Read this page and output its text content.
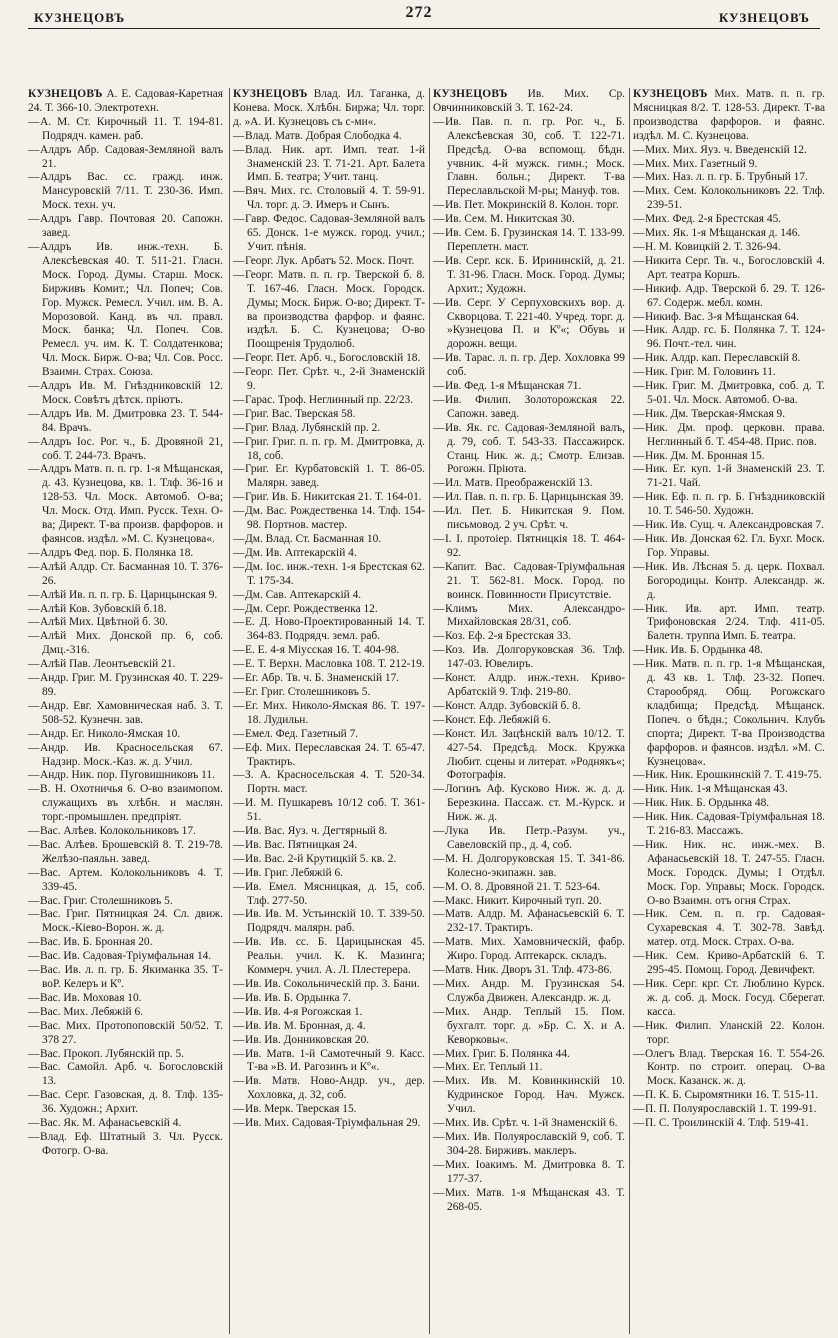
КУЗНЕЦОВЪ	272	КУЗНЕЦОВЪ

КУЗНЕЦОВЪ А. Е. Садовая-Каретная 24. Т. 366-10. Электротехн.

—А. М. Ст. Кирочный 11. Т. 194-81. Подрядч. камен. раб.

—Алдръ Абр. Садовая-Земляной валъ 21.

—Алдръ Вас. сс. гражд. инж. Мансуровскій 7/11. Т. 230-36. Имп. Моск. техн. уч.

—Алдръ Гавр. Почтовая 20. Сапожн. завед.

—Алдръ Ив. инж.-техн. Б. Алексѣевская 40. Т. 511-21. Гласн. Моск. Город. Думы. Старш. Моск. Бирживъ Комит.; Чл. Попеч; Сов. Гор. Мужск. Ремесл. Учил. им. В. А. Морозовой. Канд. въ чл. правл. Моск. банка; Чл. Попеч. Сов. Ремесл. уч. им. К. Т. Солдатенкова; Чл. Моск. Бирж. О-ва; Чл. Сов. Росс. Взаимн. Страх. Союза.

—Алдръ Ив. М. Гнѣздниковскій 12. Моск. Совѣтъ дѣтск. пріютъ.

—Алдръ Ив. М. Дмитровка 23. Т. 544-84. Врачъ.

—Алдръ Іос. Рог. ч., Б. Дровяной 21, соб. Т. 244-73. Врачъ.

—Алдръ Матв. п. п. гр. 1-я Мѣщанская, д. 43. Кузнецова, кв. 1. Тлф. 36-16 и 128-53. Чл. Моск. Автомоб. О-ва; Чл. Моск. Отд. Имп. Русск. Техн. О-ва; Директ. Т-ва произв. фарфоров. и фаянсов. издѣл. »М. С. Кузнецова«.

—Алдръ Фед. пор. Б. Полянка 18.

—Алѣй Алдр. Ст. Басманная 10. Т. 376-26.

—Алѣй Ив. п. п. гр. Б. Царицынская 9.

—Алѣй Ков. Зубовскій б.18.

—Алѣй Мих. Цвѣтной б. 30.

—Алѣй Мих. Донской пр. 6, соб. Дмц.-316.

—Алѣй Пав. Леонтьевскій 21.

—Андр. Григ. М. Грузинская 40. Т. 229-89.

—Андр. Евг. Хамовническая наб. 3. Т. 508-52. Кузнечн. зав.

—Андр. Ег. Николо-Ямская 10.

—Андр. Ив. Красносельская 67. Надзир. Моск.-Каз. ж. д. Учил.

—Андр. Ник. пор. Пуговишниковъ 11.

—В. Н. Охотничья 6. О-во взаимопом. служащихъ въ хлѣбн. и маслян. торг.-промышлен. предпріят.

—Вас. Алѣев. Колокольниковъ 17.

—Вас. Алѣев. Брошевскій 8. Т. 219-78. Желѣзо-паяльн. завед.

—Вас. Артем. Колокольниковъ 4. Т. 339-45.

—Вас. Григ. Столешниковъ 5.

—Вас. Григ. Пятницкая 24. Сл. движ. Моск.-Кіево-Ворон. ж. д.

—Вас. Ив. Б. Бронная 20.

—Вас. Ив. Садовая-Тріумфальная 14.

—Вас. Ив. л. п. гр. Б. Якиманка 35. Т-воР. Келеръ и Кº.

—Вас. Ив. Моховая 10.

—Вас. Мих. Лебяжій 6.

—Вас. Мих. Протопоповскій 50/52. Т. 378 27.

—Вас. Прокоп. Лубянскій пр. 5.

—Вас. Самойл. Арб. ч. Богословскій 13.

—Вас. Серг. Газовская, д. 8. Тлф. 135-36. Художн.; Архит.

—Вас. Як. М. Афанасьевскій 4.

—Влад. Еф. Штатный 3. Чл. Русск. Фотогр. О-ва.

КУЗНЕЦОВЪ Влад. Ил. Таганка, д. Конева. Моск. Хлѣбн. Биржа; Чл. торг. д. »А. И. Кузнецовъ съ с-ми«.

—Влад. Матв. Добрая Слободка 4.

—Влад. Ник. арт. Имп. теат. 1-й Знаменскій 23. Т. 71-21. Арт. Балета Имп. Б. театра; Учит. танц.

—Вяч. Мих. гс. Столовый 4. Т. 59-91. Чл. торг. д. Э. Имеръ и Сынъ.

—Гавр. Федос. Садовая-Земляной валъ 65. Донск. 1-е мужск. город. учил.; Учит. пѣнія.

—Георг. Лук. Арбатъ 52. Моск. Почт.

—Георг. Матв. п. п. гр. Тверской б. 8. Т. 167-46. Гласн. Моск. Городск. Думы; Моск. Бирж. О-во; Директ. Т-ва производства фарфор. и фаянс. издѣл. Б. С. Кузнецова; О-во Поощренія Трудолюб.

—Георг. Пет. Арб. ч., Богословскій 18.

—Георг. Пет. Срѣт. ч., 2-й Знаменскій 9.

—Гарас. Троф. Неглинный пр. 22/23.

—Григ. Вас. Тверская 58.

—Григ. Влад. Лубянскій пр. 2.

—Григ. Григ. п. п. гр. М. Дмитровка, д. 18, соб.

—Григ. Ег. Курбатовскій 1. Т. 86-05. Малярн. завед.

—Григ. Ив. Б. Никитская 21. Т. 164-01.

—Дм. Вас. Рождественка 14. Тлф. 154-98. Портнов. мастер.

—Дм. Влад. Ст. Басманная 10.

—Дм. Ив. Аптекарскій 4.

—Дм. Іос. инж.-техн. 1-я Брестская 62. Т. 175-34.

—Дм. Сав. Аптекарскій 4.

—Дм. Серг. Рождественка 12.

—Е. Д. Ново-Проектированный 14. Т. 364-83. Подрядч. земл. раб.

—Е. Е. 4-я Мiусская 16. Т. 404-98.

—Е. Т. Верхн. Масловка 108. Т. 212-19.

—Ег. Абр. Тв. ч. Б. Знаменскій 17.

—Ег. Григ. Столешниковъ 5.

—Ег. Мих. Николо-Ямская 86. Т. 197-18. Лудильн.

—Емел. Фед. Газетный 7.

—Еф. Мих. Переславская 24. Т. 65-47. Трактиръ.

—З. А. Красносельская 4. Т. 520-34. Портн. маст.

—И. М. Пушкаревъ 10/12 соб. Т. 361-51.

—Ив. Вас. Яуз. ч. Дегтярный 8.

—Ив. Вас. Пятницкая 24.

—Ив. Вас. 2-й Крутицкій 5. кв. 2.

—Ив. Григ. Лебяжій 6.

—Ив. Емел. Мясницкая, д. 15, соб. Тлф. 277-50.

—Ив. Ив. М. Устьинскій 10. Т. 339-50. Подрядч. малярн. раб.

—Ив. Ив. сс. Б. Царицынская 45. Реальн. учил. К. К. Мазинга; Коммерч. учил. А. Л. Плестерера.

—Ив. Ив. Сокольническій пр. 3. Бани.

—Ив. Ив. Б. Ордынка 7.

—Ив. Ив. 4-я Рогожская 1.

—Ив. Ив. М. Бронная, д. 4.

—Ив. Ив. Донниковская 20.

—Ив. Матв. 1-й Самотечный 9. Касс. Т-ва »В. И. Рагозинъ и Кº«.

—Ив. Матв. Ново-Андр. уч., дер. Хохловка, д. 32, соб.

—Ив. Мерк. Тверская 15.

—Ив. Мих. Садовая-Тріумфальная 29.

КУЗНЕЦОВЪ Ив. Мих. Ср. Овчинниковскій 3. Т. 162-24.

—Ив. Пав. п. п. гр. Рог. ч., Б. Алексѣевская 30, соб. Т. 122-71. Предсѣд. О-ва вспомощ. бѣдн. учвник. 4-й мужск. гимн.; Моск. Главн. больн.; Директ. Т-ва Переславльской М-ры; Мануф. тов.

—Ив. Пет. Мокринскій 8. Колон. торг.

—Ив. Сем. М. Никитская 30.

—Ив. Сем. Б. Грузинская 14. Т. 133-99. Переплетн. маст.

—Ив. Серг. кск. Б. Ирининскій, д. 21. Т. 31-96. Гласн. Моск. Город. Думы; Архит.; Художн.

—Ив. Серг. У Серпуховскихъ вор. д. Скворцова. Т. 221-40. Учред. торг. д. »Кузнецова П. и Кº«; Обувь и дорожн. вещи.

—Ив. Тарас. л. п. гр. Дер. Хохловка 99 соб.

—Ив. Фед. 1-я Мѣщанская 71.

—Ив. Филип. Золоторожская 22. Сапожн. завед.

—Ив. Як. гс. Садовая-Земляной валъ, д. 79, соб. Т. 543-33. Пассажирск. Станц. Ник. ж. д.; Смотр. Елизав. Рогожн. Пріюта.

—Ил. Матв. Преображенскій 13.

—Ил. Пав. п. п. гр. Б. Царицынская 39.

—Ил. Пет. Б. Никитская 9. Пом. письмовод. 2 уч. Срѣт. ч.

—I. I. протоіер. Пятницкія 18. Т. 464-92.

—Капит. Вас. Садовая-Тріумфальная 21. Т. 562-81. Моск. Город. по воинск. Повинности Присутствіе.

—Климъ Мих. Александро-Михайловская 28/31, соб.

—Коз. Еф. 2-я Брестская 33.

—Коз. Ив. Долгоруковская 36. Тлф. 147-03. Ювелиръ.

—Конст. Алдр. инж.-техн. Криво-Арбатскій 9. Тлф. 219-80.

—Конст. Алдр. Зубовскій б. 8.

—Конст. Еф. Лебяжій 6.

—Конст. Ил. Зацѣнскій валъ 10/12. Т. 427-54. Предсѣд. Моск. Кружка Любит. сцены и литерат. »Роднякъ«; Фотографія.

—Логинъ Аф. Кусково Ниж. ж. д. д. Березкина. Пассаж. ст. М.-Курск. и Ниж. ж. д.

—Лука Ив. Петр.-Разум. уч., Савеловскій пр., д. 4, соб.

—М. Н. Долгоруковская 15. Т. 341-86. Колесно-экипажн. зав.

—М. О. 8. Дровяной 21. Т. 523-64.

—Макс. Никит. Кирочный туп. 20.

—Матв. Алдр. М. Афанасьевскій 6. Т. 232-17. Трактиръ.

—Матв. Мих. Хамовническій, фабр. Жиро. Город. Аптекарск. складъ.

—Матв. Ник. Дворъ 31. Тлф. 473-86.

—Мих. Андр. М. Грузинская 54. Служба Движен. Александр. ж. д.

—Мих. Андр. Теплый 15. Пом. бухгалт. торг. д. »Бр. С. Х. и А. Кевоpковы«.

—Мих. Григ. Б. Полянка 44.

—Мих. Ег. Теплый 11.

—Мих. Ив. М. Ковинкинскій 10. Кудринское Город. Нач. Мужск. Учил.

—Мих. Ив. Срѣт. ч. 1-й Знаменскій 6.

—Мих. Ив. Полуярославскій 9, соб. Т. 304-28. Бирживъ. маклеръ.

—Мих. Іоакимъ. М. Дмитровка 8. Т. 177-37.

—Мих. Матв. 1-я Мѣщанская 43. Т. 268-05.

КУЗНЕЦОВЪ Мих. Матв. п. п. гр. Мясницкая 8/2. Т. 128-53. Директ. Т-ва производства фарфоров. и фаянс. издѣл. М. С. Кузнецова.

—Мих. Мих. Яуз. ч. Введенскій 12.

—Мих. Мих. Газетный 9.

—Мих. Наз. л. п. гр. Б. Трубный 17.

—Мих. Сем. Колокольниковъ 22. Тлф. 239-51.

—Мих. Фед. 2-я Брестская 45.

—Мих. Як. 1-я Мѣщанская д. 146.

—Н. М. Ковицкій 2. Т. 326-94.

—Никита Серг. Тв. ч., Богословскій 4. Арт. театра Коршъ.

—Никиф. Адр. Тверской б. 29. Т. 126-67. Содерж. мебл. комн.

—Никиф. Вас. 3-я Мѣщанская 64.

—Ник. Алдр. гс. Б. Полянка 7. Т. 124-96. Почт.-тел. чин.

—Ник. Алдр. кап. Переславскій 8.

—Ник. Григ. М. Головинъ 11.

—Ник. Григ. М. Дмитровка, соб. д. Т. 5-01. Чл. Моск. Автомоб. О-ва.

—Ник. Дм. Тверская-Ямская 9.

—Ник. Дм. проф. церковн. права. Неглинный б. Т. 454-48. Прис. пов.

—Ник. Дм. М. Бронная 15.

—Ник. Ег. куп. 1-й Знаменскій 23. Т. 71-21. Чай.

—Ник. Еф. п. п. гр. Б. Гнѣздниковскій 10. Т. 546-50. Художн.

—Ник. Ив. Сущ. ч. Александровская 7.

—Ник. Ив. Донская 62. Гл. Бухг. Моск. Гор. Управы.

—Ник. Ив. Лѣсная 5. д. церк. Похвал. Богородицы. Контр. Александр. ж. д.

—Ник. Ив. арт. Имп. театр. Трифоновская 2/24. Тлф. 411-05. Балетн. труппа Имп. Б. театра.

—Ник. Ив. Б. Ордынка 48.

—Ник. Матв. п. п. гр. 1-я Мѣщанская, д. 43 кв. 1. Тлф. 23-32. Попеч. Старообряд. Общ. Рогожскаго кладбища; Предсѣд. Мѣщанск. Попеч. о бѣдн.; Сокольнич. Клубъ спорта; Директ. Т-ва Производства фарфоров. и фаянсов. издѣл. »М. С. Кузнецова«.

—Ник. Ник. Ерошкинскій 7. Т. 419-75.

—Ник. Ник. 1-я Мѣщанская 43.

—Ник. Ник. Б. Ордынка 48.

—Ник. Ник. Садовая-Тріумфальная 18. Т. 216-83. Массажъ.

—Ник. Ник. нс. инж.-мех. В. Афанасьевскій 18. Т. 247-55. Гласн. Моск. Городск. Думы; I Отдѣл. Моск. Гор. Управы; Моск. Городск. О-во Взаимн. отъ огня Страх.

—Ник. Сем. п. п. гр. Садовая-Сухаревская 4. Т. 302-78. Завѣд. матер. отд. Моск. Страх. О-ва.

—Ник. Сем. Криво-Арбатскій 6. Т. 295-45. Помощ. Город. Девичфект.

—Ник. Серг. крг. Ст. Люблино Курск. ж. д. соб. д. Моск. Госуд. Сберегат. касса.

—Ник. Филип. Уланскій 22. Колон. торг.

—Олегъ Влад. Тверская 16. Т. 554-26. Контр. по строит. операц. О-ва Моск. Казанск. ж. д.

—П. К. Б. Сыромятники 16. Т. 515-11.

—П. П. Полуярославскій 1. Т. 199-91.

—П. С. Троилинскій 4. Тлф. 519-41.
